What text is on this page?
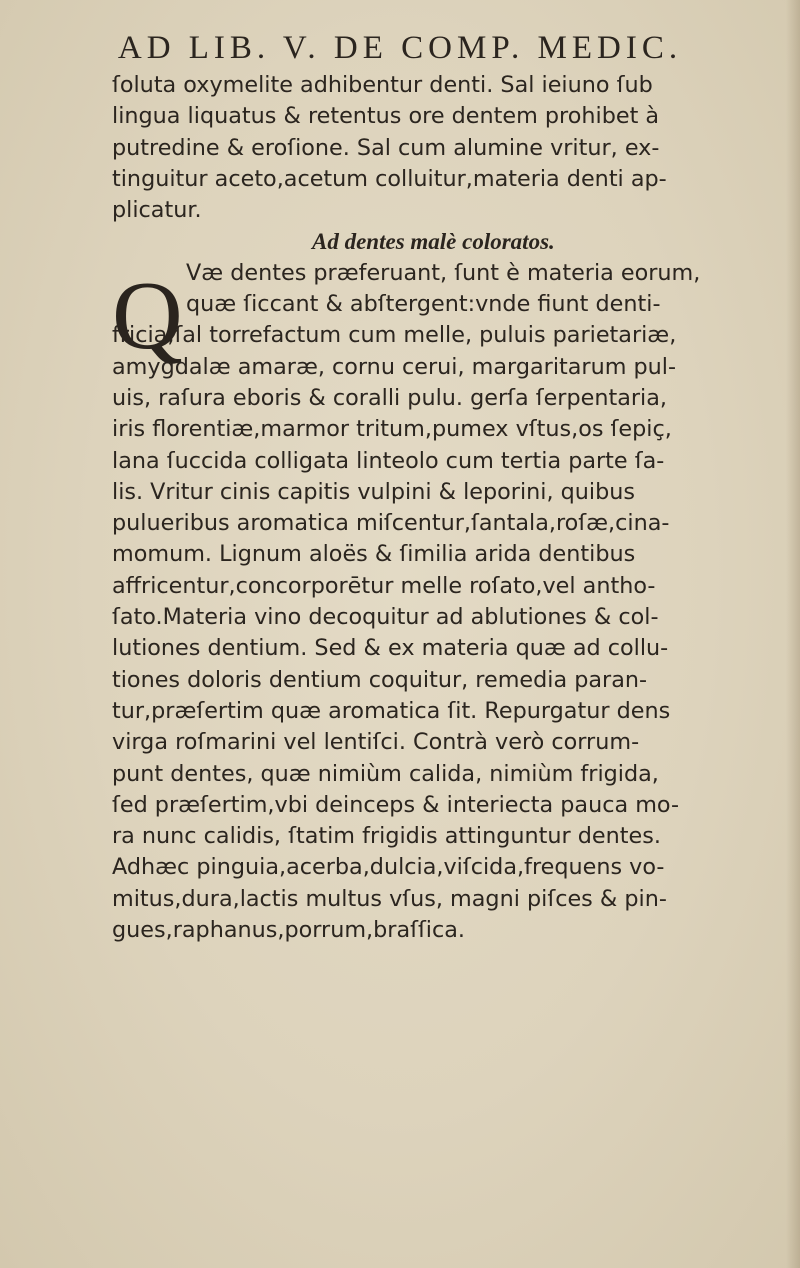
AD LIB. V. DE COMP. MEDIC.
Q
ſoluta oxymelite adhibentur denti. Sal ieiuno ſub
lingua liquatus & retentus ore dentem prohibet à
putredine & eroſione. Sal cum alumine vritur, ex-
tinguitur aceto,acetum colluitur,materia denti ap-
plicatur.
Ad dentes malè coloratos.
Væ dentes præferuant, ſunt è materia eorum,
quæ ſiccant & abſtergent:vnde fiunt denti-
fricia,ſal torrefactum cum melle, puluis parietariæ,
amygdalæ amaræ, cornu cerui, margaritarum pul-
uis, raſura eboris & coralli pulu. gerſa ſerpentaria,
iris florentiæ,marmor tritum,pumex vſtus,os ſepiç,
lana ſuccida colligata linteolo cum tertia parte ſa-
lis. Vritur cinis capitis vulpini & leporini, quibus
pulueribus aromatica miſcentur,ſantala,roſæ,cina-
momum. Lignum aloës & ſimilia arida dentibus
affricentur,concorporētur melle roſato,vel antho-
ſato.Materia vino decoquitur ad ablutiones & col-
lutiones dentium. Sed & ex materia quæ ad collu-
tiones doloris dentium coquitur, remedia paran-
tur,præſertim quæ aromatica ſit. Repurgatur dens
virga roſmarini vel lentiſci. Contrà verò corrum-
punt dentes, quæ nimiùm calida, nimiùm frigida,
ſed præſertim,vbi deinceps & interiecta pauca mo-
ra nunc calidis, ſtatim frigidis attinguntur dentes.
Adhæc pinguia,acerba,dulcia,viſcida,frequens vo-
mitus,dura,lactis multus vſus, magni piſces & pin-
gues,raphanus,porrum,braſſica.
